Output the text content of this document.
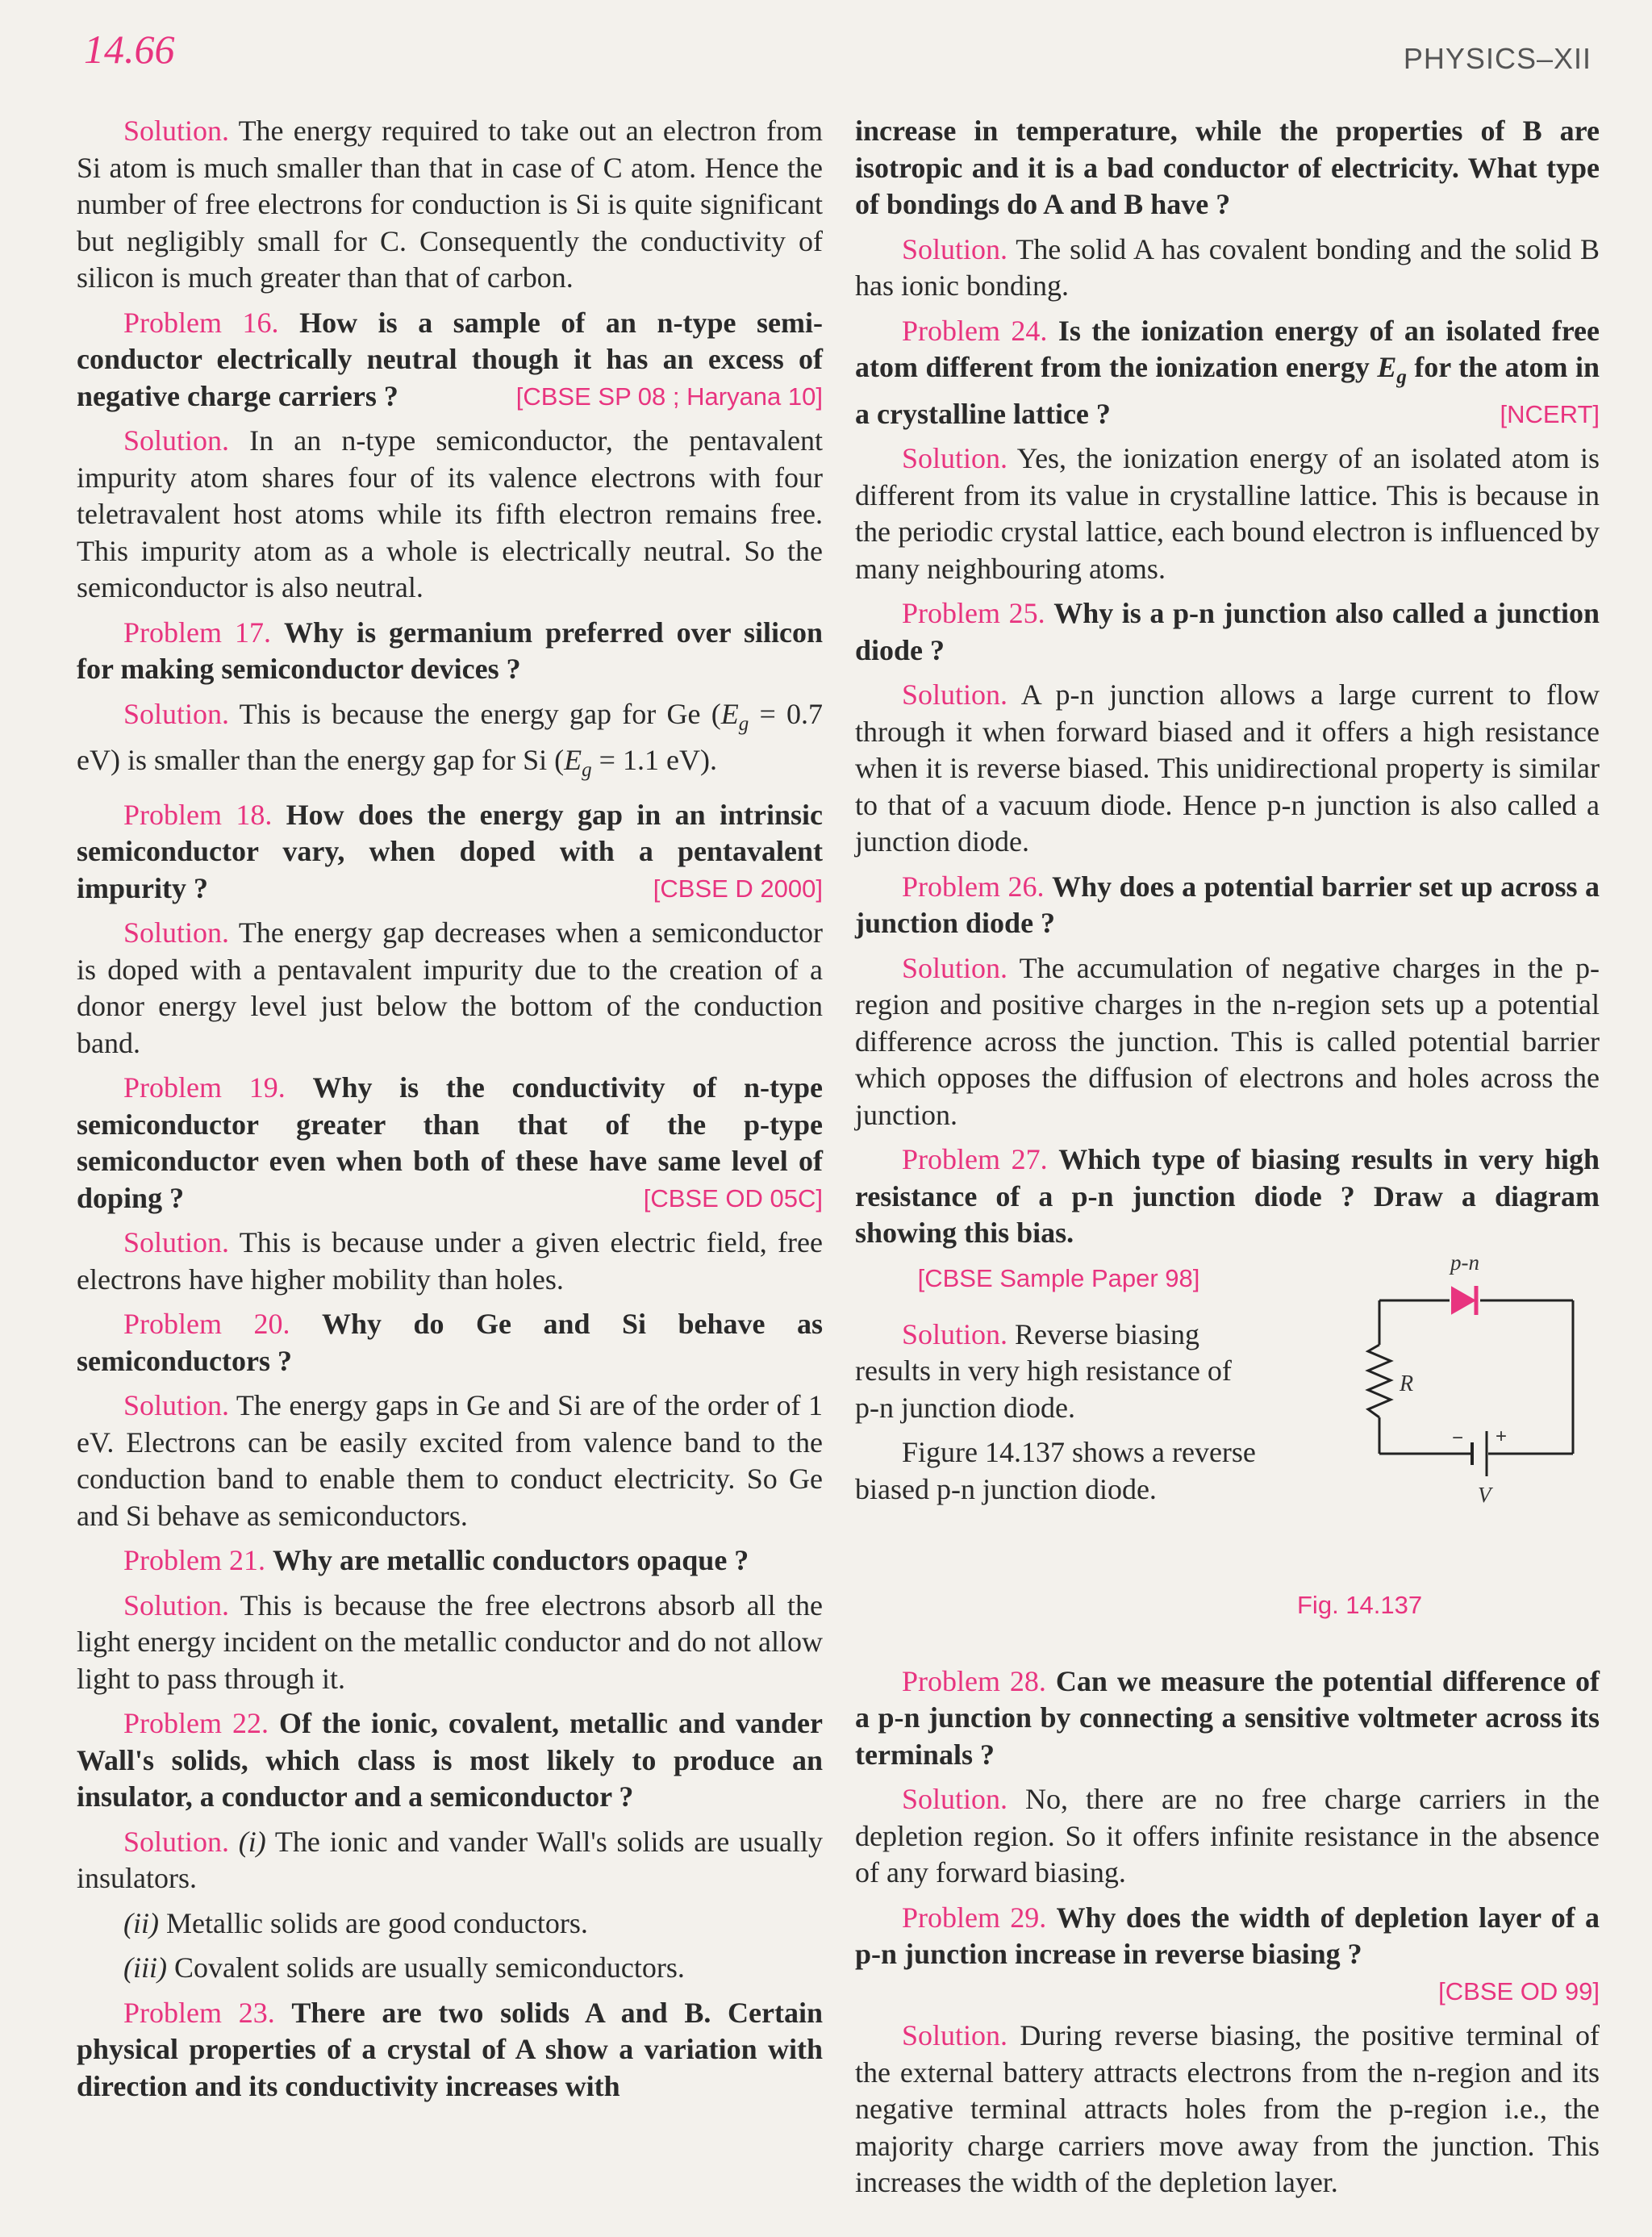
14.66	PHYSICS–XII

Solution. The energy required to take out an electron from Si atom is much smaller than that in case of C atom. Hence the number of free electrons for conduction is Si is quite significant but negligibly small for C. Consequently the conductivity of silicon is much greater than that of carbon.

Problem 16. How is a sample of an n-type semi-conductor electrically neutral though it has an excess of negative charge carriers ?	[CBSE SP 08 ; Haryana 10]

Solution. In an n-type semiconductor, the pentavalent impurity atom shares four of its valence electrons with four teletravalent host atoms while its fifth electron remains free. This impurity atom as a whole is electrically neutral. So the semiconductor is also neutral.

Problem 17. Why is germanium preferred over silicon for making semiconductor devices ?

Solution. This is because the energy gap for Ge ($E_g = 0.7$ eV) is smaller than the energy gap for Si ($E_g = 1.1$ eV).

Problem 18. How does the energy gap in an intrinsic semiconductor vary, when doped with a pentavalent impurity ?	[CBSE D 2000]

Solution. The energy gap decreases when a semiconductor is doped with a pentavalent impurity due to the creation of a donor energy level just below the bottom of the conduction band.

Problem 19. Why is the conductivity of n-type semiconductor greater than that of the p-type semiconductor even when both of these have same level of doping ?	[CBSE OD 05C]

Solution. This is because under a given electric field, free electrons have higher mobility than holes.

Problem 20. Why do Ge and Si behave as semiconductors ?

Solution. The energy gaps in Ge and Si are of the order of 1 eV. Electrons can be easily excited from valence band to the conduction band to enable them to conduct electricity. So Ge and Si behave as semiconductors.

Problem 21. Why are metallic conductors opaque ?

Solution. This is because the free electrons absorb all the light energy incident on the metallic conductor and do not allow light to pass through it.

Problem 22. Of the ionic, covalent, metallic and vander Wall's solids, which class is most likely to produce an insulator, a conductor and a semiconductor ?

Solution. (i) The ionic and vander Wall's solids are usually insulators.

(ii) Metallic solids are good conductors.

(iii) Covalent solids are usually semiconductors.

Problem 23. There are two solids A and B. Certain physical properties of a crystal of A show a variation with direction and its conductivity increases with

increase in temperature, while the properties of B are isotropic and it is a bad conductor of electricity. What type of bondings do A and B have ?

Solution. The solid A has covalent bonding and the solid B has ionic bonding.

Problem 24. Is the ionization energy of an isolated free atom different from the ionization energy $E_g$ for the atom in a crystalline lattice ?	[NCERT]

Solution. Yes, the ionization energy of an isolated atom is different from its value in crystalline lattice. This is because in the periodic crystal lattice, each bound electron is influenced by many neighbouring atoms.

Problem 25. Why is a p-n junction also called a junction diode ?

Solution. A p-n junction allows a large current to flow through it when forward biased and it offers a high resistance when it is reverse biased. This unidirectional property is similar to that of a vacuum diode. Hence p-n junction is also called a junction diode.

Problem 26. Why does a potential barrier set up across a junction diode ?

Solution. The accumulation of negative charges in the p-region and positive charges in the n-region sets up a potential difference across the junction. This is called potential barrier which opposes the diffusion of electrons and holes across the junction.

Problem 27. Which type of biasing results in very high resistance of a p-n junction diode ? Draw a diagram showing this bias.

[CBSE Sample Paper 98]

Solution. Reverse biasing results in very high resistance of p-n junction diode.

Figure 14.137 shows a reverse biased p-n junction diode.

p-n
R
− +
V
Fig. 14.137

Problem 28. Can we measure the potential difference of a p-n junction by connecting a sensitive voltmeter across its terminals ?

Solution. No, there are no free charge carriers in the depletion region. So it offers infinite resistance in the absence of any forward biasing.

Problem 29. Why does the width of depletion layer of a p-n junction increase in reverse biasing ?
[CBSE OD 99]

Solution. During reverse biasing, the positive terminal of the external battery attracts electrons from the n-region and its negative terminal attracts holes from the p-region i.e., the majority charge carriers move away from the junction. This increases the width of the depletion layer.
